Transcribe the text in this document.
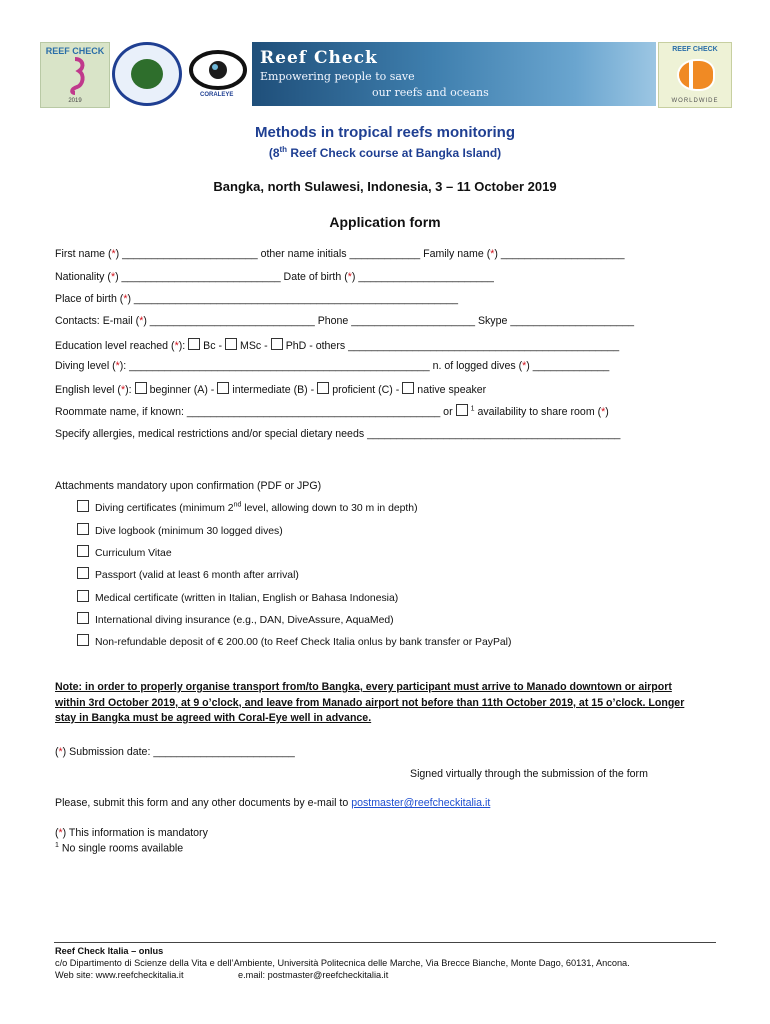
REEF CHECK
2019
CORALEYE
Reef Check
Empowering people to save
our reefs and oceans
REEF CHECK
WORLDWIDE
Methods in tropical reefs monitoring
(8th Reef Check course at Bangka Island)
Bangka, north Sulawesi, Indonesia, 3 – 11 October 2019
Application form
First name (*) _______________________ other name initials ____________ Family name (*) _____________________
Nationality (*) ___________________________ Date of birth (*) _______________________
Place of birth (*) _______________________________________________________
Contacts: E-mail (*) ____________________________ Phone _____________________ Skype _____________________
Education level reached (*): Bc - MSc - PhD - others ______________________________________________
Diving level (*): ___________________________________________________ n. of logged dives (*) _____________
English level (*): beginner (A) - intermediate (B) - proficient (C) - native speaker
Roommate name, if known: ___________________________________________ or	$^1$ availability to share room (*)
Specify allergies, medical restrictions and/or special dietary needs ___________________________________________
Attachments mandatory upon confirmation (PDF or JPG)
Diving certificates (minimum 2nd level, allowing down to 30 m in depth)
Dive logbook (minimum 30 logged dives)
Curriculum Vitae
Passport (valid at least 6 month after arrival)
Medical certificate (written in Italian, English or Bahasa Indonesia)
International diving insurance (e.g., DAN, DiveAssure, AquaMed)
Non-refundable deposit of € 200.00 (to Reef Check Italia onlus by bank transfer or PayPal)
Note: in order to properly organise transport from/to Bangka, every participant must arrive to Manado downtown or airport within 3rd October 2019, at 9 o’clock, and leave from Manado airport not before than 11th October 2019, at 15 o’clock. Longer stay in Bangka must be agreed with Coral-Eye well in advance.
(*) Submission date: ________________________
Signed virtually through the submission of the form
Please, submit this form and any other documents by e-mail to postmaster@reefcheckitalia.it
(*) This information is mandatory
$^1$ No single rooms available
Reef Check Italia – onlus
c/o Dipartimento di Scienze della Vita e dell’Ambiente, Università Politecnica delle Marche, Via Brecce Bianche, Monte Dago, 60131, Ancona.
Web site: www.reefcheckitalia.it	e.mail: postmaster@reefcheckitalia.it
